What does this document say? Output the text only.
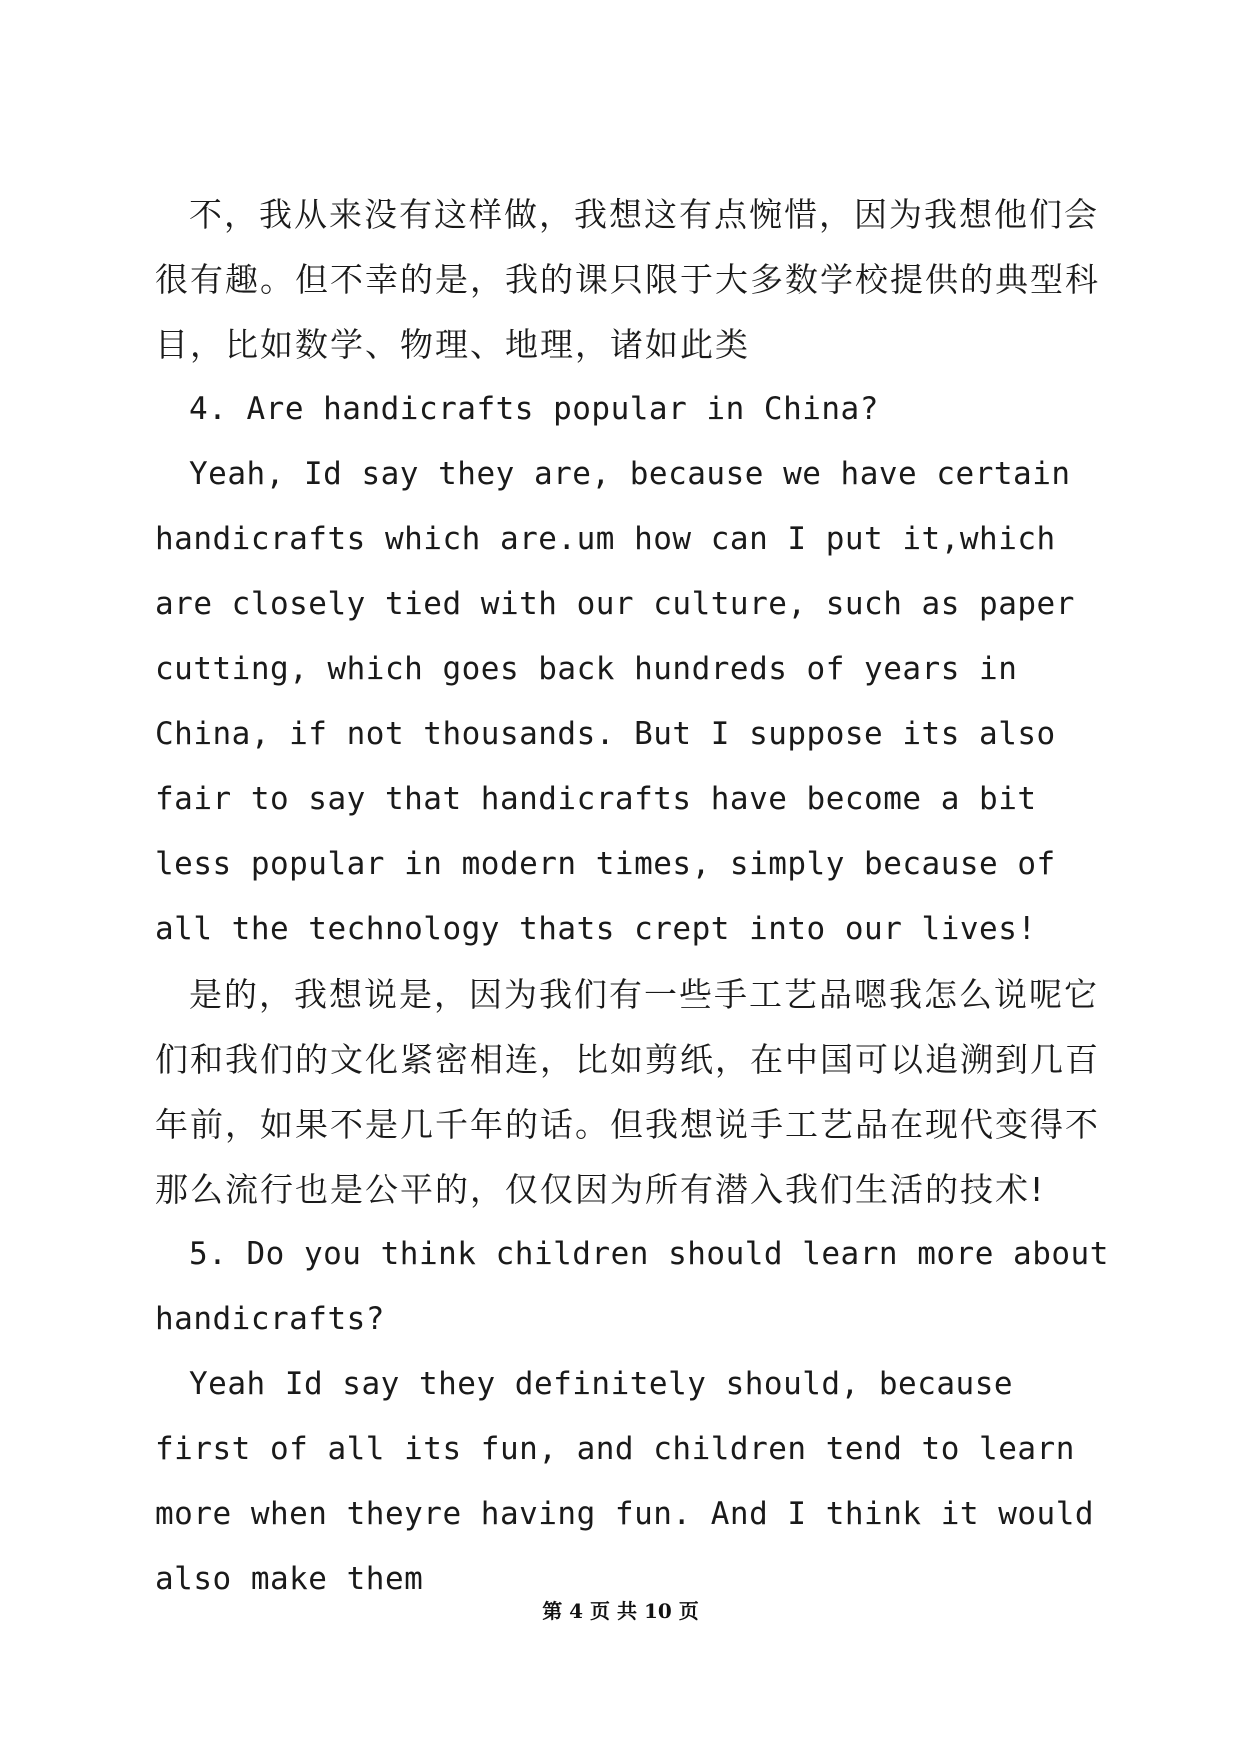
不，我从来没有这样做，我想这有点惋惜，因为我想他们会很有趣。但不幸的是，我的课只限于大多数学校提供的典型科目，比如数学、物理、地理，诸如此类

4. Are handicrafts popular in China?

Yeah, Id say they are, because we have certain handicrafts which are.um how can I put it,which are closely tied with our culture, such as paper cutting, which goes back hundreds of years in China, if not thousands. But I suppose its also fair to say that handicrafts have become a bit less popular in modern times, simply because of all the technology thats crept into our lives!

是的，我想说是，因为我们有一些手工艺品嗯我怎么说呢它们和我们的文化紧密相连，比如剪纸，在中国可以追溯到几百年前，如果不是几千年的话。但我想说手工艺品在现代变得不那么流行也是公平的，仅仅因为所有潜入我们生活的技术!

5. Do you think children should learn more about handicrafts?

Yeah Id say they definitely should, because first of all its fun, and children tend to learn more when theyre having fun. And I think it would also make them

第 4 页 共 10 页
